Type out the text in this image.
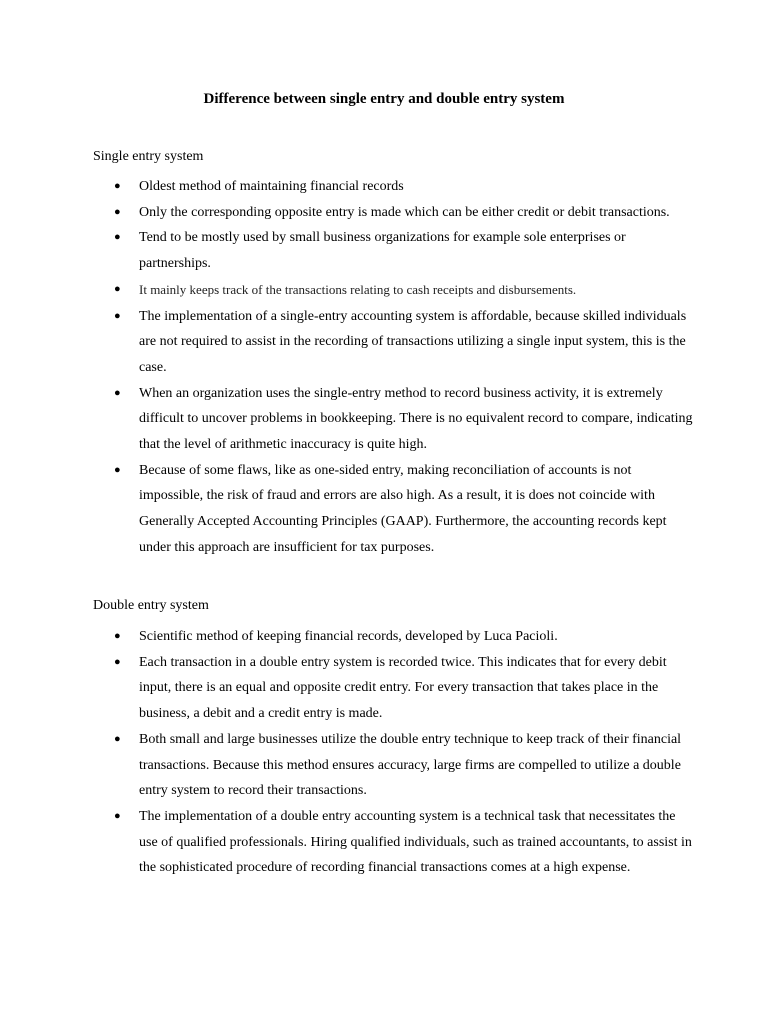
Difference between single entry and double entry system

Single entry system

● Oldest method of maintaining financial records
● Only the corresponding opposite entry is made which can be either credit or debit transactions.
● Tend to be mostly used by small business organizations for example sole enterprises or partnerships.
● It mainly keeps track of the transactions relating to cash receipts and disbursements.
● The implementation of a single-entry accounting system is affordable, because skilled individuals are not required to assist in the recording of transactions utilizing a single input system, this is the case.
● When an organization uses the single-entry method to record business activity, it is extremely difficult to uncover problems in bookkeeping. There is no equivalent record to compare, indicating that the level of arithmetic inaccuracy is quite high.
● Because of some flaws, like as one-sided entry, making reconciliation of accounts is not impossible, the risk of fraud and errors are also high. As a result, it is does not coincide with Generally Accepted Accounting Principles (GAAP). Furthermore, the accounting records kept under this approach are insufficient for tax purposes.

Double entry system

● Scientific method of keeping financial records, developed by Luca Pacioli.
● Each transaction in a double entry system is recorded twice. This indicates that for every debit input, there is an equal and opposite credit entry. For every transaction that takes place in the business, a debit and a credit entry is made.
● Both small and large businesses utilize the double entry technique to keep track of their financial transactions. Because this method ensures accuracy, large firms are compelled to utilize a double entry system to record their transactions.
● The implementation of a double entry accounting system is a technical task that necessitates the use of qualified professionals. Hiring qualified individuals, such as trained accountants, to assist in the sophisticated procedure of recording financial transactions comes at a high expense.
